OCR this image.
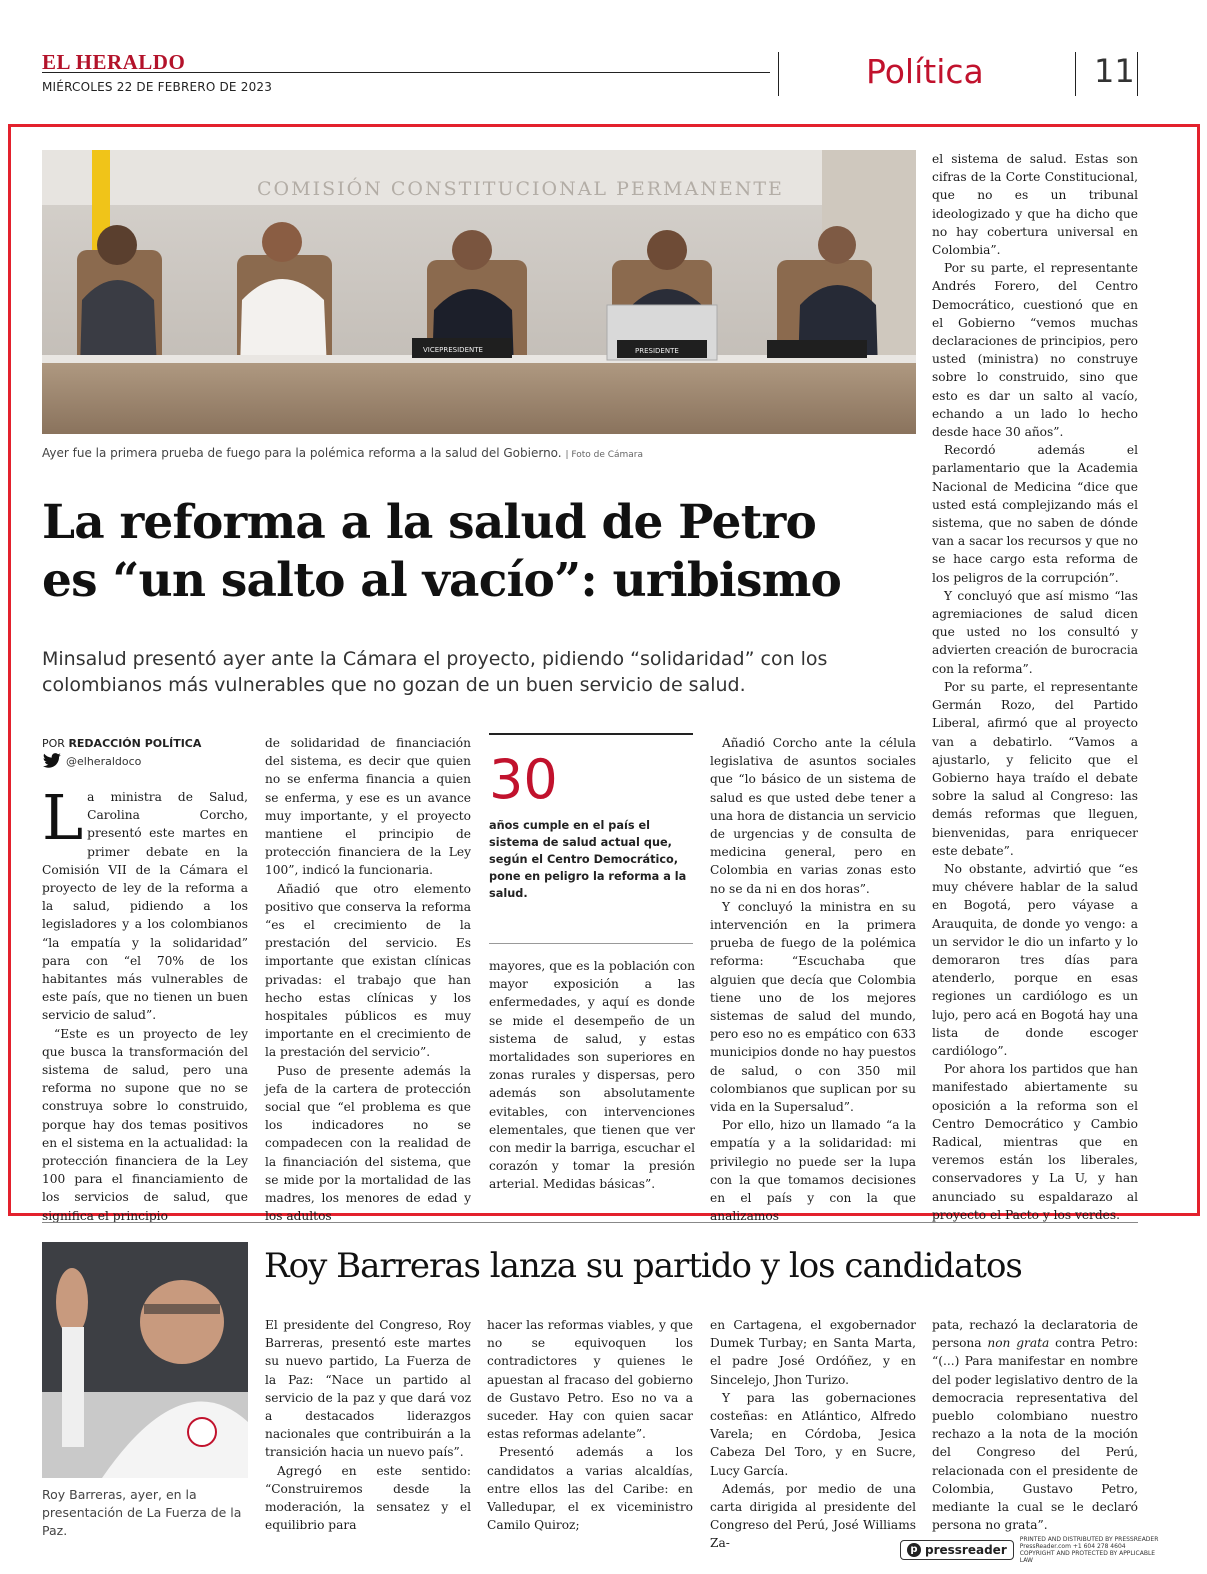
EL HERALDO
MIÉRCOLES 22 DE FEBRERO DE 2023	Política	11
COMISIÓN CONSTITUCIONAL PERMANENTE
VICEPRESIDENTE	PRESIDENTE
Ayer fue la primera prueba de fuego para la polémica reforma a la salud del Gobierno. | Foto de Cámara
La reforma a la salud de Petro
es “un salto al vacío”: uribismo
Minsalud presentó ayer ante la Cámara el proyecto, pidiendo “solidaridad” con los colombianos más vulnerables que no gozan de un buen servicio de salud.
POR REDACCIÓN POLÍTICA
@elheraldoco

La ministra de Salud, Carolina Corcho, presentó este martes en primer debate en la Comisión VII de la Cámara el proyecto de ley de la reforma a la salud, pidiendo a los legisladores y a los colombianos “la empatía y la solidaridad” para con “el 70% de los habitantes más vulnerables de este país, que no tienen un buen servicio de salud”.

“Este es un proyecto de ley que busca la transformación del sistema de salud, pero una reforma no supone que no se construya sobre lo construido, porque hay dos temas positivos en el sistema en la actualidad: la protección financiera de la Ley 100 para el financiamiento de los servicios de salud, que significa el principio

de solidaridad de financiación del sistema, es decir que quien no se enferma financia a quien se enferma, y ese es un avance muy importante, y el proyecto mantiene el principio de protección financiera de la Ley 100”, indicó la funcionaria.

Añadió que otro elemento positivo que conserva la reforma “es el crecimiento de la prestación del servicio. Es importante que existan clínicas privadas: el trabajo que han hecho estas clínicas y los hospitales públicos es muy importante en el crecimiento de la prestación del servicio”.

Puso de presente además la jefa de la cartera de protección social que “el problema es que los indicadores no se compadecen con la realidad de la financiación del sistema, que se mide por la mortalidad de las madres, los menores de edad y los adultos

30
años cumple en el país el sistema de salud actual que, según el Centro Democrático, pone en peligro la reforma a la salud.

mayores, que es la población con mayor exposición a las enfermedades, y aquí es donde se mide el desempeño de un sistema de salud, y estas mortalidades son superiores en zonas rurales y dispersas, pero además son absolutamente evitables, con intervenciones elementales, que tienen que ver con medir la barriga, escuchar el corazón y tomar la presión arterial. Medidas básicas”.

Añadió Corcho ante la célula legislativa de asuntos sociales que “lo básico de un sistema de salud es que usted debe tener a una hora de distancia un servicio de urgencias y de consulta de medicina general, pero en Colombia en varias zonas esto no se da ni en dos horas”.

Y concluyó la ministra en su intervención en la primera prueba de fuego de la polémica reforma: “Escuchaba que alguien que decía que Colombia tiene uno de los mejores sistemas de salud del mundo, pero eso no es empático con 633 municipios donde no hay puestos de salud, o con 350 mil colombianos que suplican por su vida en la Supersalud”.

Por ello, hizo un llamado “a la empatía y a la solidaridad: mi privilegio no puede ser la lupa con la que tomamos decisiones en el país y con la que analizamos

el sistema de salud. Estas son cifras de la Corte Constitucional, que no es un tribunal ideologizado y que ha dicho que no hay cobertura universal en Colombia”.

Por su parte, el representante Andrés Forero, del Centro Democrático, cuestionó que en el Gobierno “vemos muchas declaraciones de principios, pero usted (ministra) no construye sobre lo construido, sino que esto es dar un salto al vacío, echando a un lado lo hecho desde hace 30 años”.

Recordó además el parlamentario que la Academia Nacional de Medicina “dice que usted está complejizando más el sistema, que no saben de dónde van a sacar los recursos y que no se hace cargo esta reforma de los peligros de la corrupción”.

Y concluyó que así mismo “las agremiaciones de salud dicen que usted no los consultó y advierten creación de burocracia con la reforma”.

Por su parte, el representante Germán Rozo, del Partido Liberal, afirmó que al proyecto van a debatirlo. “Vamos a ajustarlo, y felicito que el Gobierno haya traído el debate sobre la salud al Congreso: las demás reformas que lleguen, bienvenidas, para enriquecer este debate”.

No obstante, advirtió que “es muy chévere hablar de la salud en Bogotá, pero váyase a Arauquita, de donde yo vengo: a un servidor le dio un infarto y lo demoraron tres días para atenderlo, porque en esas regiones un cardiólogo es un lujo, pero acá en Bogotá hay una lista de donde escoger cardiólogo”.

Por ahora los partidos que han manifestado abiertamente su oposición a la reforma son el Centro Democrático y Cambio Radical, mientras que en veremos están los liberales, conservadores y La U, y han anunciado su espaldarazo al proyecto el Pacto y los verdes.

Roy Barreras, ayer, en la presentación de La Fuerza de la Paz.
Roy Barreras lanza su partido y los candidatos

El presidente del Congreso, Roy Barreras, presentó este martes su nuevo partido, La Fuerza de la Paz: “Nace un partido al servicio de la paz y que dará voz a destacados liderazgos nacionales que contribuirán a la transición hacia un nuevo país”.

Agregó en este sentido: “Construiremos desde la moderación, la sensatez y el equilibrio para

hacer las reformas viables, y que no se equivoquen los contradictores y quienes le apuestan al fracaso del gobierno de Gustavo Petro. Eso no va a suceder. Hay con quien sacar estas reformas adelante”.

Presentó además a los candidatos a varias alcaldías, entre ellos las del Caribe: en Valledupar, el ex viceministro Camilo Quiroz;

en Cartagena, el exgobernador Dumek Turbay; en Santa Marta, el padre José Ordóñez, y en Sincelejo, Jhon Turizo.

Y para las gobernaciones costeñas: en Atlántico, Alfredo Varela; en Córdoba, Jesica Cabeza Del Toro, y en Sucre, Lucy García.

Además, por medio de una carta dirigida al presidente del Congreso del Perú, José Williams Za-

pata, rechazó la declaratoria de persona non grata contra Petro: “(...) Para manifestar en nombre del poder legislativo dentro de la democracia representativa del pueblo colombiano nuestro rechazo a la nota de la moción del Congreso del Perú, relacionada con el presidente de Colombia, Gustavo Petro, mediante la cual se le declaró persona no grata”.

p pressreader
PRINTED AND DISTRIBUTED BY PRESSREADER PressReader.com +1 604 278 4604 COPYRIGHT AND PROTECTED BY APPLICABLE LAW
